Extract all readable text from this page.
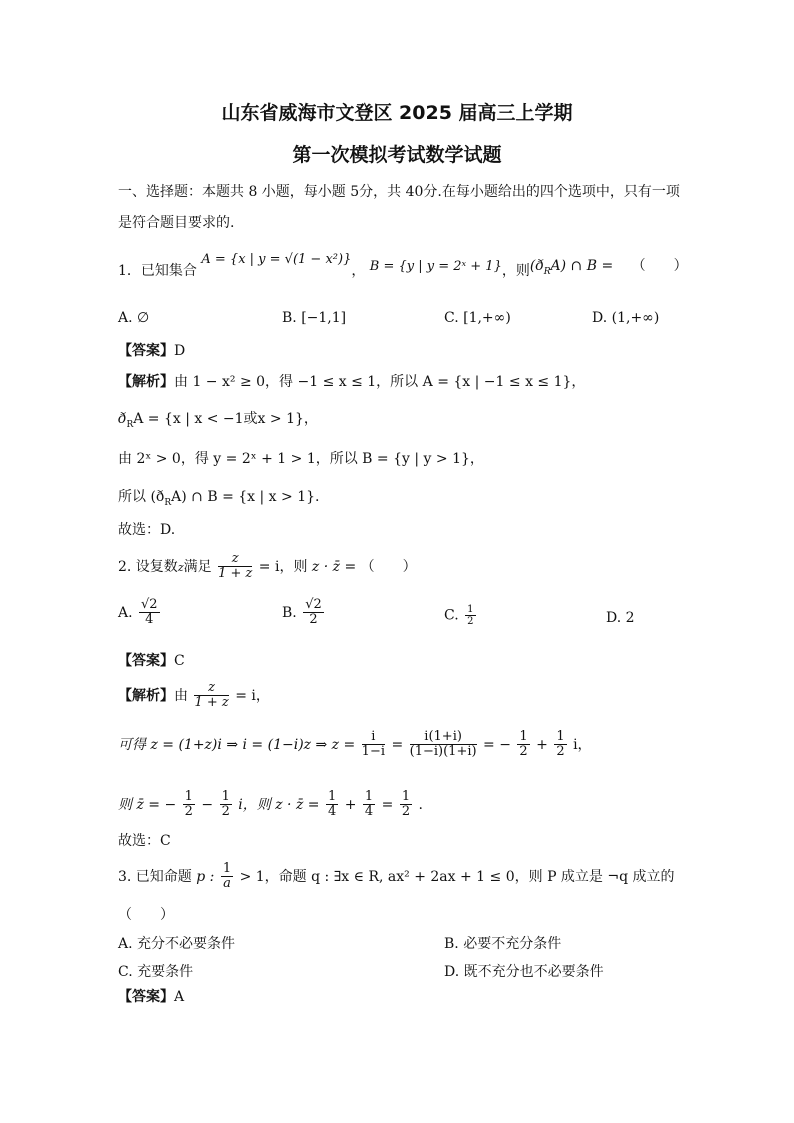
山东省威海市文登区 2025 届高三上学期
第一次模拟考试数学试题
一、选择题：本题共 8 小题，每小题 5分，共 40分.在每小题给出的四个选项中，只有一项
是符合题目要求的.
1．已知集合 A = {x | y = √(1 − x²)}， B = {y | y = 2ˣ + 1}，则$(ð_RA)$ ∩ B = （　　）
A. ∅	B. [−1,1]	C. [1,+∞)	D. (1,+∞)
【答案】D
【解析】由 1 − x² ≥ 0，得 −1 ≤ x ≤ 1，所以 A = {x | −1 ≤ x ≤ 1}，
$ð_RA = \{x$ | x < −1或x > 1}，
由 2ˣ > 0，得 y = 2ˣ + 1 > 1，所以 B = {y | y > 1}，
所以 $(ð_RA)$ ∩ B = {x | x > 1}.
故选：D.
2. 设复数z满足 $\frac{z}{1 + z} = i$，则 z · z̄ = （　　）
A. $\frac{√2}{4}$	B. $\frac{√2}{2}$	C. $\frac{1}{2}$	D. 2
【答案】C
【解析】由 $\frac{z}{1 + z} = i$，
可得 z = (1+z)i ⇒ i = (1−i)z ⇒ $z = \frac{i}{1-i} = \frac{i(1+i)}{(1-i)(1+i)}$ = − $\frac{1}{2} + \frac{1}{2}$ i，
则 z̄ = − $\frac{1}{2} - \frac{1}{2}$ i，则 z · z̄ = $\frac{1}{4} + \frac{1}{4} = \frac{1}{2}$ .
故选：C
3. 已知命题 p : $\frac{1}{a} > 1$，命题 q : ∃x ∈ R, ax² + 2ax + 1 ≤ 0，则 P 成立是 ¬q 成立的
（　　）
A. 充分不必要条件	B. 必要不充分条件
C. 充要条件	D. 既不充分也不必要条件
【答案】A
